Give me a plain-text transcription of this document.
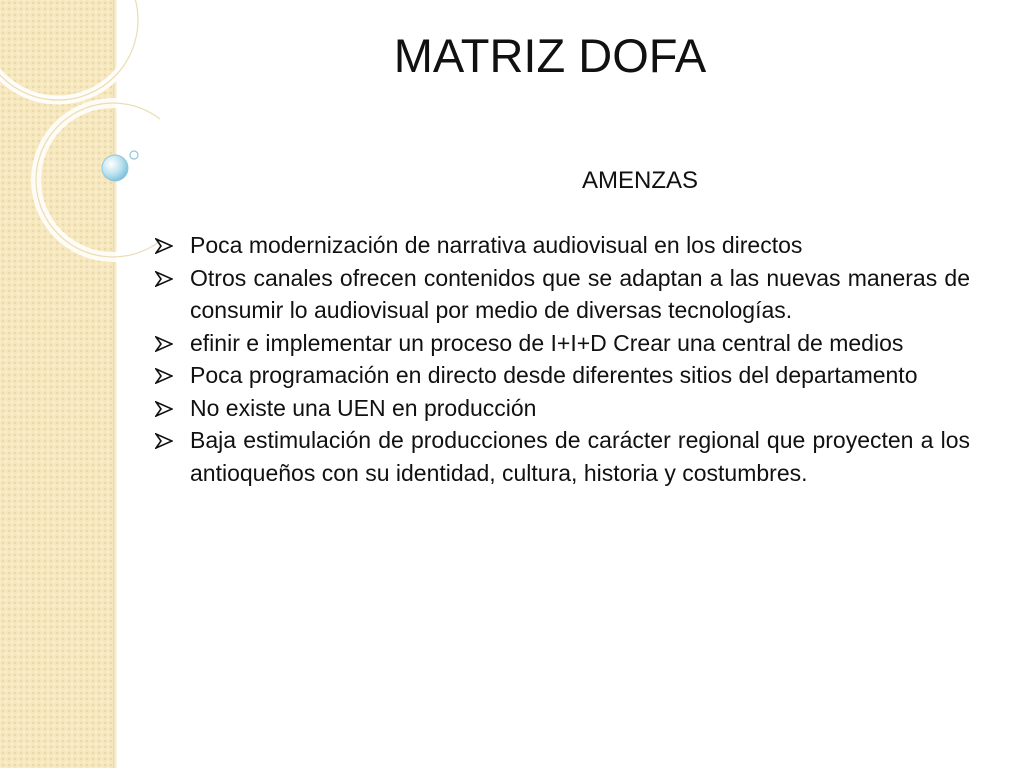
MATRIZ DOFA
AMENZAS
Poca modernización de narrativa audiovisual en los directos
Otros canales ofrecen contenidos que se adaptan a las nuevas maneras de consumir lo audiovisual por medio de diversas tecnologías.
efinir e implementar un proceso de I+I+D Crear una central de medios
Poca programación en directo desde diferentes sitios del departamento
No existe una UEN en producción
Baja estimulación de producciones de carácter regional que proyecten a los antioqueños con su identidad, cultura, historia y costumbres.
